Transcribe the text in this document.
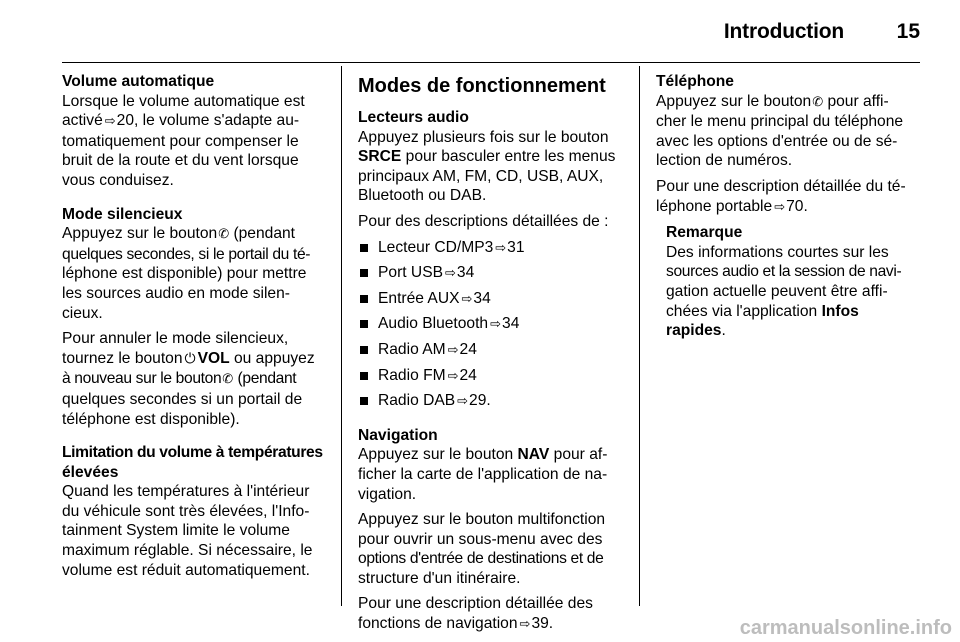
Introduction	15
Volume automatique
Lorsque le volume automatique est
activé ⇨20, le volume s'adapte au-
tomatiquement pour compenser le
bruit de la route et du vent lorsque
vous conduisez.
Mode silencieux

Appuyez sur le bouton✆ (pendant
quelques secondes, si le portail du té-
léphone est disponible) pour mettre
les sources audio en mode silen-
cieux.

Pour annuler le mode silencieux,
tournez le bouton ⏻ VOL ou appuyez
à nouveau sur le bouton✆ (pendant
quelques secondes si un portail de
téléphone est disponible).

Limitation du volume à températures
élevées
Quand les températures à l'intérieur
du véhicule sont très élevées, l'Info-
tainment System limite le volume
maximum réglable. Si nécessaire, le
volume est réduit automatiquement.
Modes de fonctionnement
Lecteurs audio

Appuyez plusieurs fois sur le bouton
SRCE pour basculer entre les menus
principaux AM, FM, CD, USB, AUX,
Bluetooth ou DAB.

Pour des descriptions détaillées de :

Lecteur CD/MP3 ⇨31
Port USB ⇨34
Entrée AUX ⇨34
Audio Bluetooth ⇨34
Radio AM ⇨24
Radio FM ⇨24
Radio DAB ⇨29.
Navigation

Appuyez sur le bouton NAV pour af-
ficher la carte de l'application de na-
vigation.

Appuyez sur le bouton multifonction
pour ouvrir un sous-menu avec des
options d'entrée de destinations et de
structure d'un itinéraire.

Pour une description détaillée des
fonctions de navigation ⇨39.

Téléphone

Appuyez sur le bouton✆ pour affi-
cher le menu principal du téléphone
avec les options d'entrée ou de sé-
lection de numéros.

Pour une description détaillée du té-
léphone portable ⇨70.

Remarque
Des informations courtes sur les
sources audio et la session de navi-
gation actuelle peuvent être affi-
chées via l'application Infos rapides.
carmanualsonline.info
